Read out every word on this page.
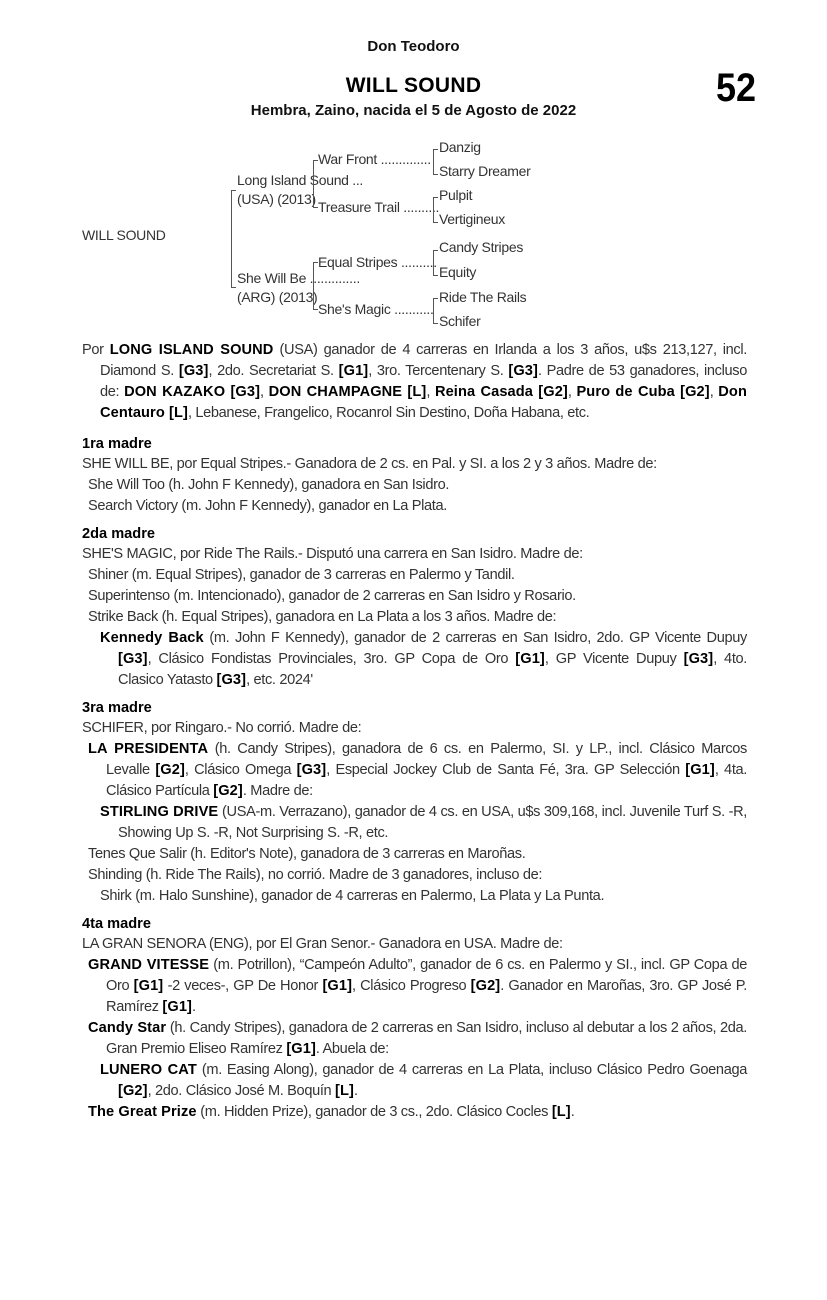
Don Teodoro
WILL SOUND
Hembra, Zaino, nacida el 5 de Agosto de 2022
52
WILL SOUND
Long Island Sound ...
(USA) (2013)
She Will Be ..............
(ARG) (2013)
War Front ..............
Treasure Trail ..........
Equal Stripes ..........
She's Magic ...........
Danzig
Starry Dreamer
Pulpit
Vertigineux
Candy Stripes
Equity
Ride The Rails
Schifer
Por LONG ISLAND SOUND (USA) ganador de 4 carreras en Irlanda a los 3 años, u$s 213,127, incl. Diamond S. [G3], 2do. Secretariat S. [G1], 3ro. Tercentenary S. [G3]. Padre de 53 ganadores, incluso de: DON KAZAKO [G3], DON CHAMPAGNE [L], Reina Casada [G2], Puro de Cuba [G2], Don Centauro [L], Lebanese, Frangelico, Rocanrol Sin Destino, Doña Habana, etc.
1ra madre
SHE WILL BE, por Equal Stripes.- Ganadora de 2 cs. en Pal. y SI. a los 2 y 3 años. Madre de:
She Will Too (h. John F Kennedy), ganadora en San Isidro.
Search Victory (m. John F Kennedy), ganador en La Plata.
2da madre
SHE'S MAGIC, por Ride The Rails.- Disputó una carrera en San Isidro. Madre de:
Shiner (m. Equal Stripes), ganador de 3 carreras en Palermo y Tandil.
Superintenso (m. Intencionado), ganador de 2 carreras en San Isidro y Rosario.
Strike Back (h. Equal Stripes), ganadora en La Plata a los 3 años. Madre de:
Kennedy Back (m. John F Kennedy), ganador de 2 carreras en San Isidro, 2do. GP Vicente Dupuy [G3], Clásico Fondistas Provinciales, 3ro. GP Copa de Oro [G1], GP Vicente Dupuy [G3], 4to. Clasico Yatasto [G3], etc. 2024'
3ra madre
SCHIFER, por Ringaro.- No corrió. Madre de:
LA PRESIDENTA (h. Candy Stripes), ganadora de 6 cs. en Palermo, SI. y LP., incl. Clásico Marcos Levalle [G2], Clásico Omega [G3], Especial Jockey Club de Santa Fé, 3ra. GP Selección [G1], 4ta. Clásico Partícula [G2]. Madre de:
STIRLING DRIVE (USA-m. Verrazano), ganador de 4 cs. en USA, u$s 309,168, incl. Juvenile Turf S. -R, Showing Up S. -R, Not Surprising S. -R, etc.
Tenes Que Salir (h. Editor's Note), ganadora de 3 carreras en Maroñas.
Shinding (h. Ride The Rails), no corrió. Madre de 3 ganadores, incluso de:
Shirk (m. Halo Sunshine), ganador de 4 carreras en Palermo, La Plata y La Punta.
4ta madre
LA GRAN SENORA (ENG), por El Gran Senor.- Ganadora en USA. Madre de:
GRAND VITESSE (m. Potrillon), “Campeón Adulto”, ganador de 6 cs. en Palermo y SI., incl. GP Copa de Oro [G1] -2 veces-, GP De Honor [G1], Clásico Progreso [G2]. Ganador en Maroñas, 3ro. GP José P. Ramírez [G1].
Candy Star (h. Candy Stripes), ganadora de 2 carreras en San Isidro, incluso al debutar a los 2 años, 2da. Gran Premio Eliseo Ramírez [G1]. Abuela de:
LUNERO CAT (m. Easing Along), ganador de 4 carreras en La Plata, incluso Clásico Pedro Goenaga [G2], 2do. Clásico José M. Boquín [L].
The Great Prize (m. Hidden Prize), ganador de 3 cs., 2do. Clásico Cocles [L].
